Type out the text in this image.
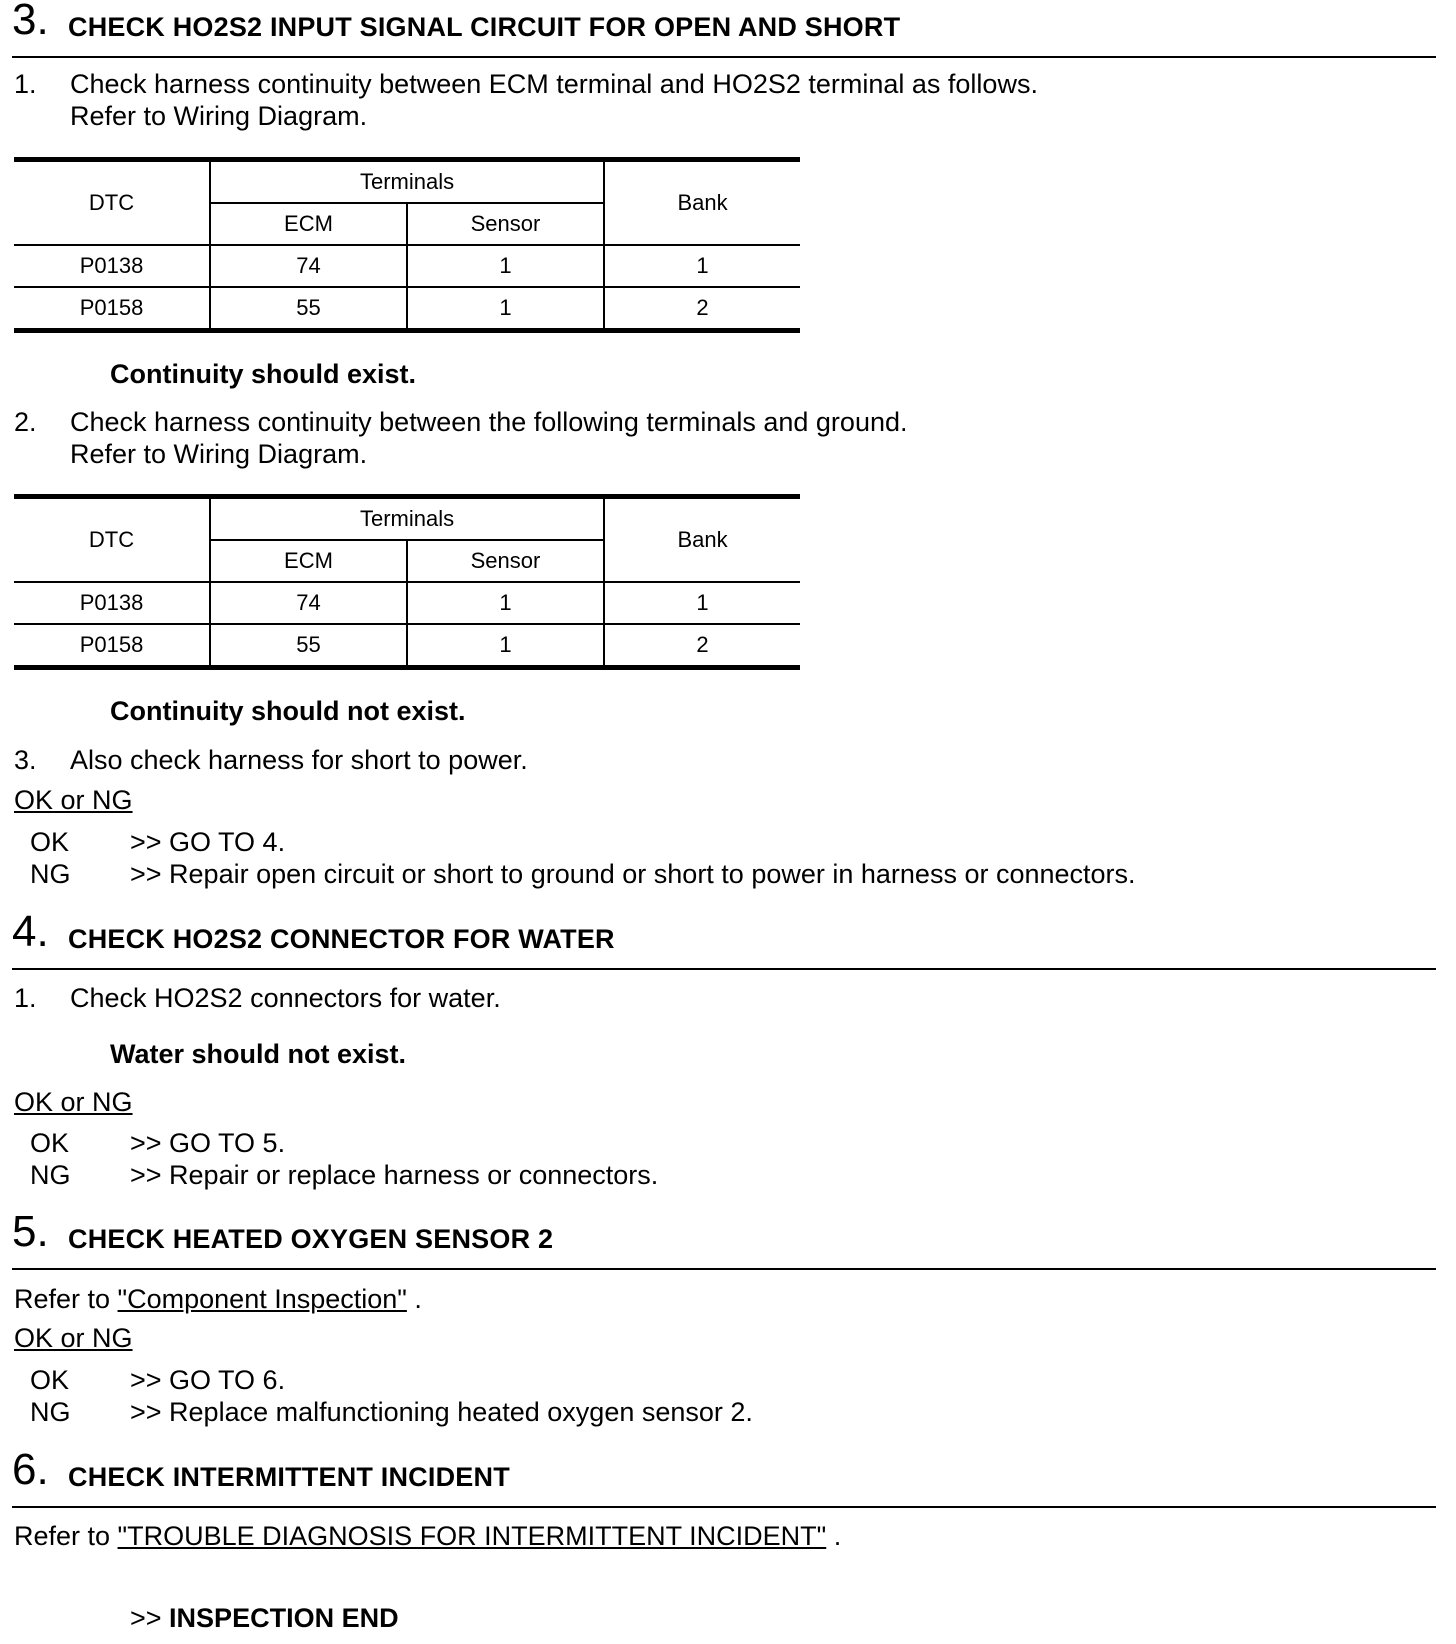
3. CHECK HO2S2 INPUT SIGNAL CIRCUIT FOR OPEN AND SHORT
1. Check harness continuity between ECM terminal and HO2S2 terminal as follows.
Refer to Wiring Diagram.
DTC	Terminals		Bank
	ECM	Sensor	
P0138	74	1	1
P0158	55	1	2
Continuity should exist.
2. Check harness continuity between the following terminals and ground.
Refer to Wiring Diagram.
DTC	Terminals		Bank
	ECM	Sensor	
P0138	74	1	1
P0158	55	1	2
Continuity should not exist.
3. Also check harness for short to power.
OK or NG
OK >> GO TO 4.
NG >> Repair open circuit or short to ground or short to power in harness or connectors.
4. CHECK HO2S2 CONNECTOR FOR WATER
1. Check HO2S2 connectors for water.
Water should not exist.
OK or NG
OK >> GO TO 5.
NG >> Repair or replace harness or connectors.
5. CHECK HEATED OXYGEN SENSOR 2
Refer to "Component Inspection" .
OK or NG
OK >> GO TO 6.
NG >> Replace malfunctioning heated oxygen sensor 2.
6. CHECK INTERMITTENT INCIDENT
Refer to "TROUBLE DIAGNOSIS FOR INTERMITTENT INCIDENT" .
>> INSPECTION END
